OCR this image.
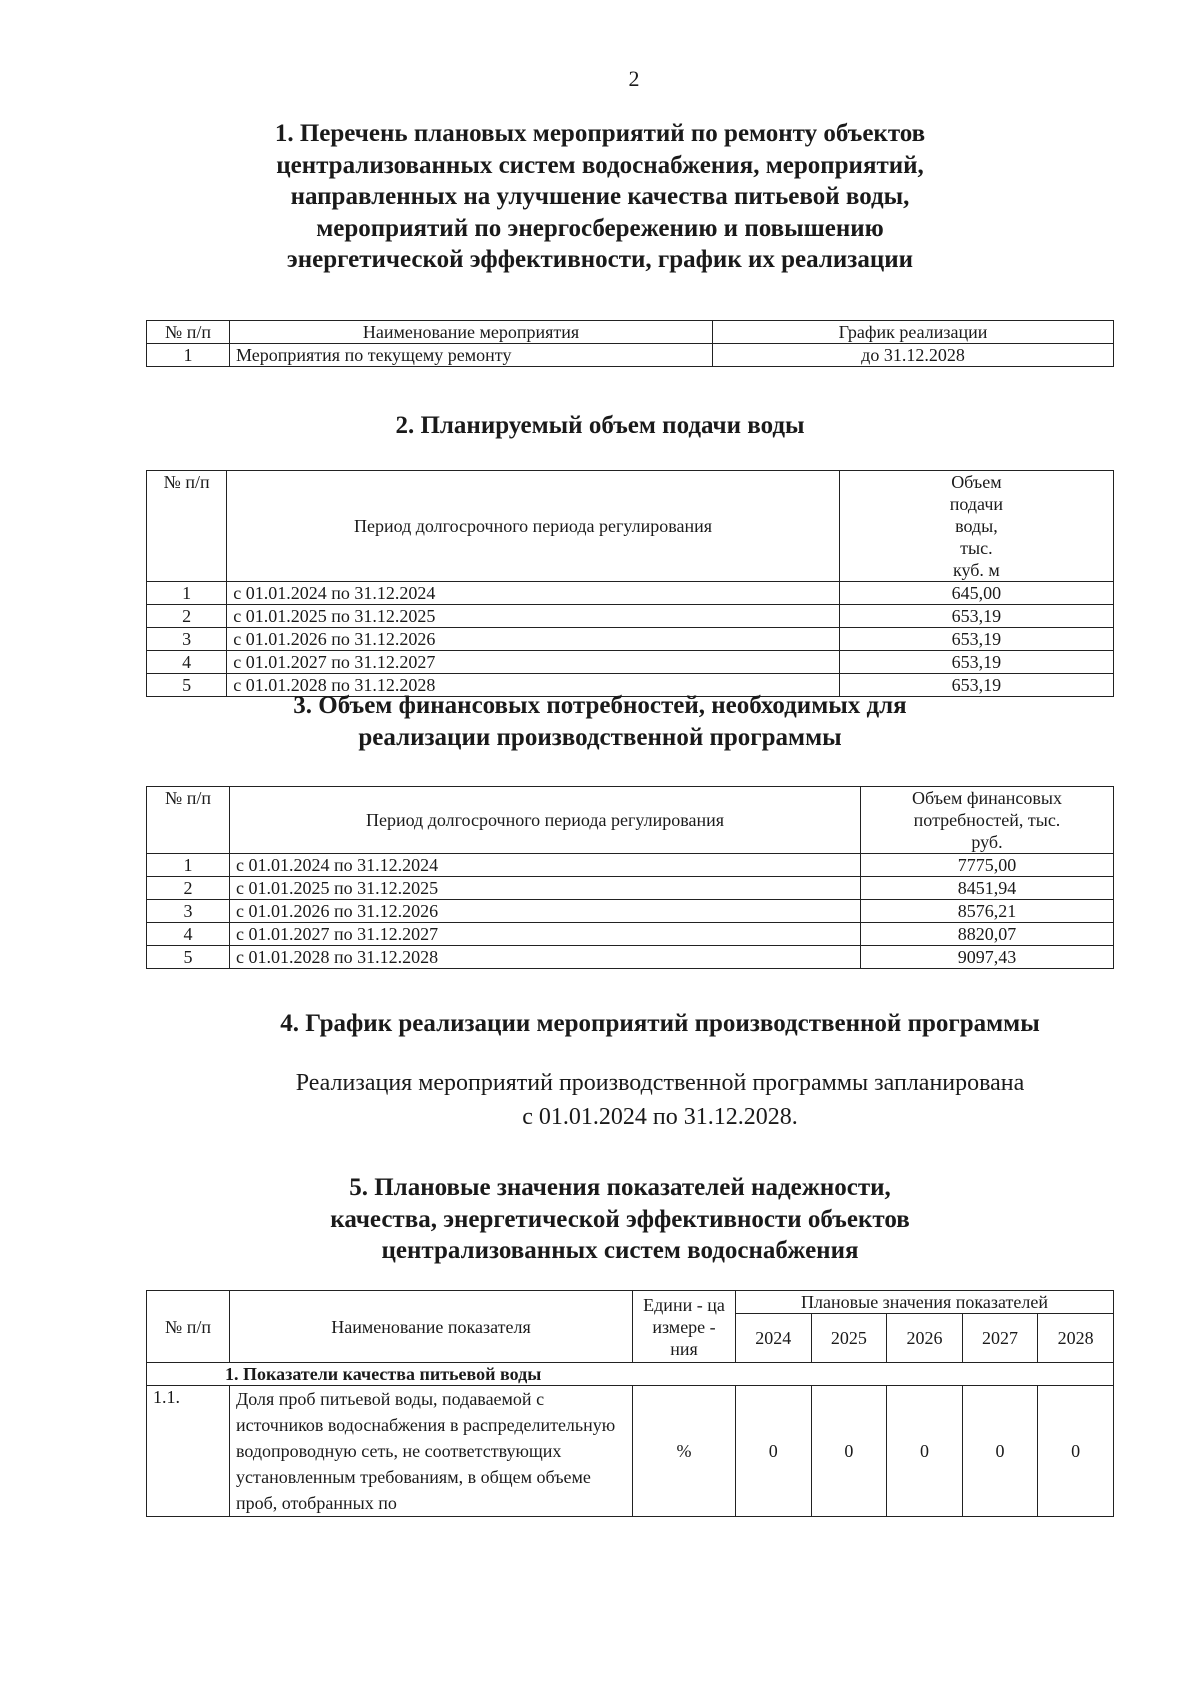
2
1. Перечень плановых мероприятий по ремонту объектов
централизованных систем водоснабжения, мероприятий,
направленных на улучшение качества питьевой воды,
мероприятий по энергосбережению и повышению
энергетической эффективности, график их реализации
№ п/п	Наименование мероприятия	График реализации
1	Мероприятия по текущему ремонту	до 31.12.2028
2. Планируемый объем подачи воды
№ п/п	Период долгосрочного периода регулирования	Объем подачи воды, тыс. куб. м
1	с 01.01.2024 по 31.12.2024	645,00
2	с 01.01.2025 по 31.12.2025	653,19
3	с 01.01.2026 по 31.12.2026	653,19
4	с 01.01.2027 по 31.12.2027	653,19
5	с 01.01.2028 по 31.12.2028	653,19
3. Объем финансовых потребностей, необходимых для
реализации производственной программы
№ п/п	Период долгосрочного периода регулирования	Объем финансовых потребностей, тыс. руб.
1	с 01.01.2024 по 31.12.2024	7775,00
2	с 01.01.2025 по 31.12.2025	8451,94
3	с 01.01.2026 по 31.12.2026	8576,21
4	с 01.01.2027 по 31.12.2027	8820,07
5	с 01.01.2028 по 31.12.2028	9097,43
4. График реализации мероприятий производственной программы
Реализация мероприятий производственной программы запланирована
с 01.01.2024 по 31.12.2028.
5. Плановые значения показателей надежности,
качества, энергетической эффективности объектов
централизованных систем водоснабжения
№ п/п	Наименование показателя	Едини - ца измере - ния	Плановые значения показателей				
			2024	2025	2026	2027	2028
1. Показатели качества питьевой воды							
1.1.	Доля проб питьевой воды, подаваемой с источников водоснабжения в распределительную водопроводную сеть, не соответствующих установленным требованиям, в общем объеме проб, отобранных по	%	0	0	0	0	0
